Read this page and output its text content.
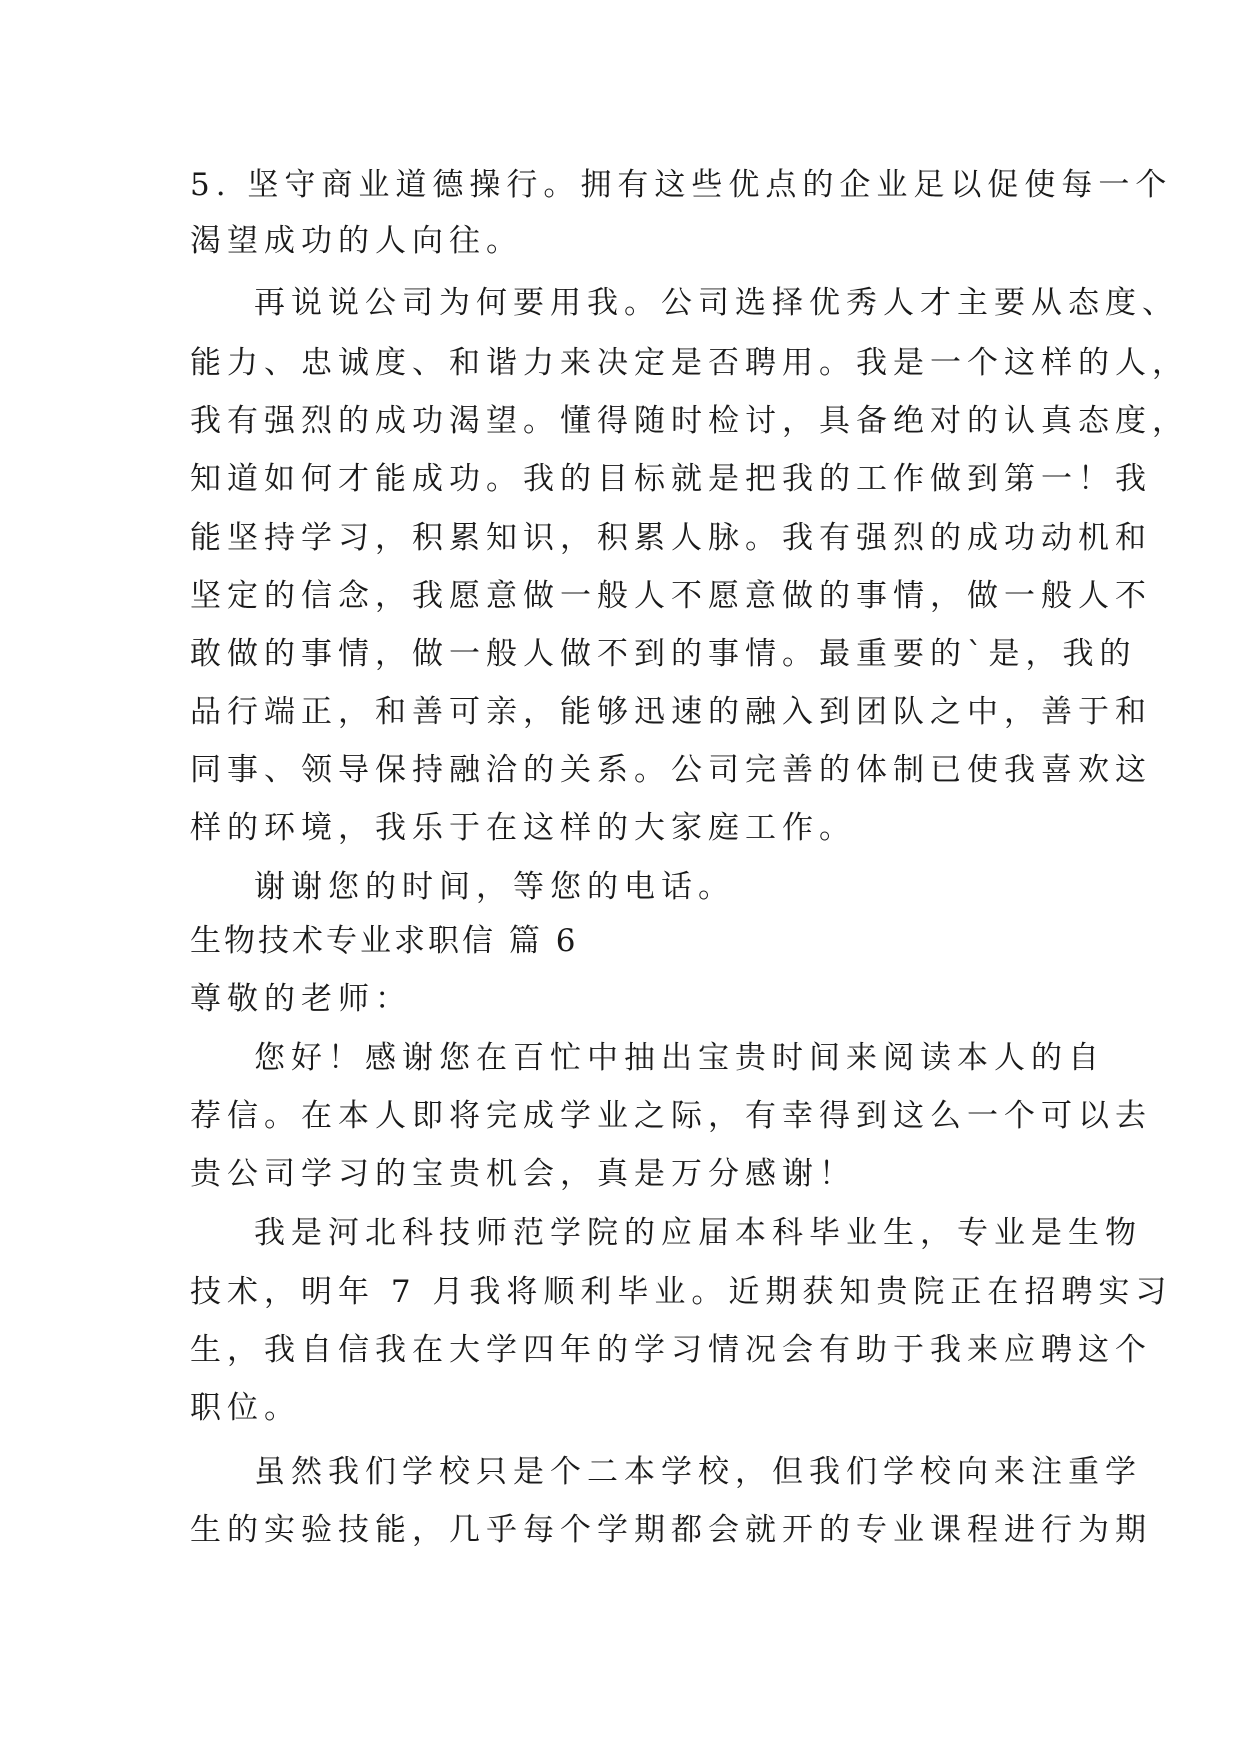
5. 坚守商业道德操行。拥有这些优点的企业足以促使每一个
渴望成功的人向往。
再说说公司为何要用我。公司选择优秀人才主要从态度、
能力、忠诚度、和谐力来决定是否聘用。我是一个这样的人，
我有强烈的成功渴望。懂得随时检讨，具备绝对的认真态度，
知道如何才能成功。我的目标就是把我的工作做到第一！我
能坚持学习，积累知识，积累人脉。我有强烈的成功动机和
坚定的信念，我愿意做一般人不愿意做的事情，做一般人不
敢做的事情，做一般人做不到的事情。最重要的`是，我的
品行端正，和善可亲，能够迅速的融入到团队之中，善于和
同事、领导保持融洽的关系。公司完善的体制已使我喜欢这
样的环境，我乐于在这样的大家庭工作。
谢谢您的时间，等您的电话。
生物技术专业求职信 篇 6
尊敬的老师：
您好！感谢您在百忙中抽出宝贵时间来阅读本人的自
荐信。在本人即将完成学业之际，有幸得到这么一个可以去
贵公司学习的宝贵机会，真是万分感谢！
我是河北科技师范学院的应届本科毕业生，专业是生物
技术，明年 7 月我将顺利毕业。近期获知贵院正在招聘实习
生，我自信我在大学四年的学习情况会有助于我来应聘这个
职位。
虽然我们学校只是个二本学校，但我们学校向来注重学
生的实验技能，几乎每个学期都会就开的专业课程进行为期
